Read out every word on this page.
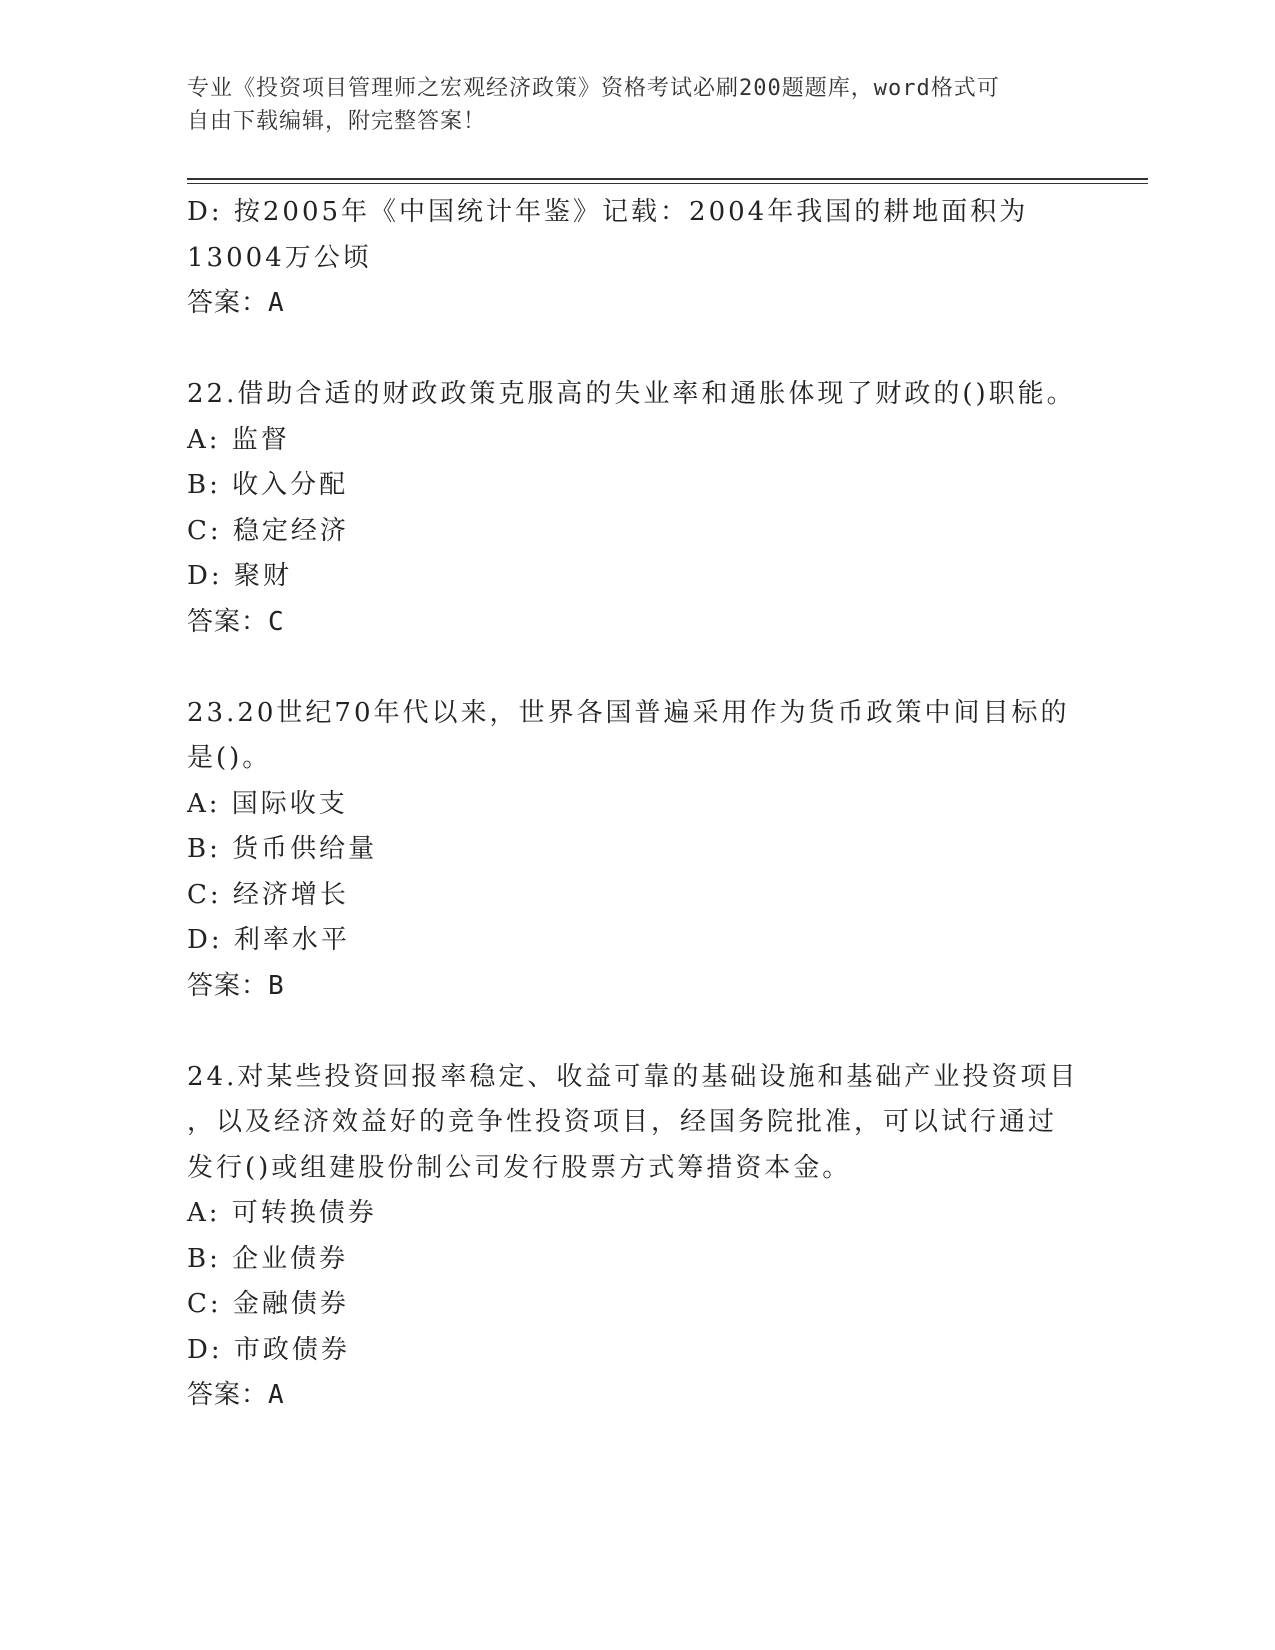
专业《投资项目管理师之宏观经济政策》资格考试必刷200题题库，word格式可
自由下载编辑，附完整答案！
D: 按2005年《中国统计年鉴》记载：2004年我国的耕地面积为
13004万公顷
答案：A
22.借助合适的财政政策克服高的失业率和通胀体现了财政的()职能。
A: 监督
B: 收入分配
C: 稳定经济
D: 聚财
答案：C
23.20世纪70年代以来，世界各国普遍采用作为货币政策中间目标的
是()。
A: 国际收支
B: 货币供给量
C: 经济增长
D: 利率水平
答案：B
24.对某些投资回报率稳定、收益可靠的基础设施和基础产业投资项目
，以及经济效益好的竞争性投资项目，经国务院批准，可以试行通过
发行()或组建股份制公司发行股票方式筹措资本金。
A: 可转换债券
B: 企业债券
C: 金融债券
D: 市政债券
答案：A
